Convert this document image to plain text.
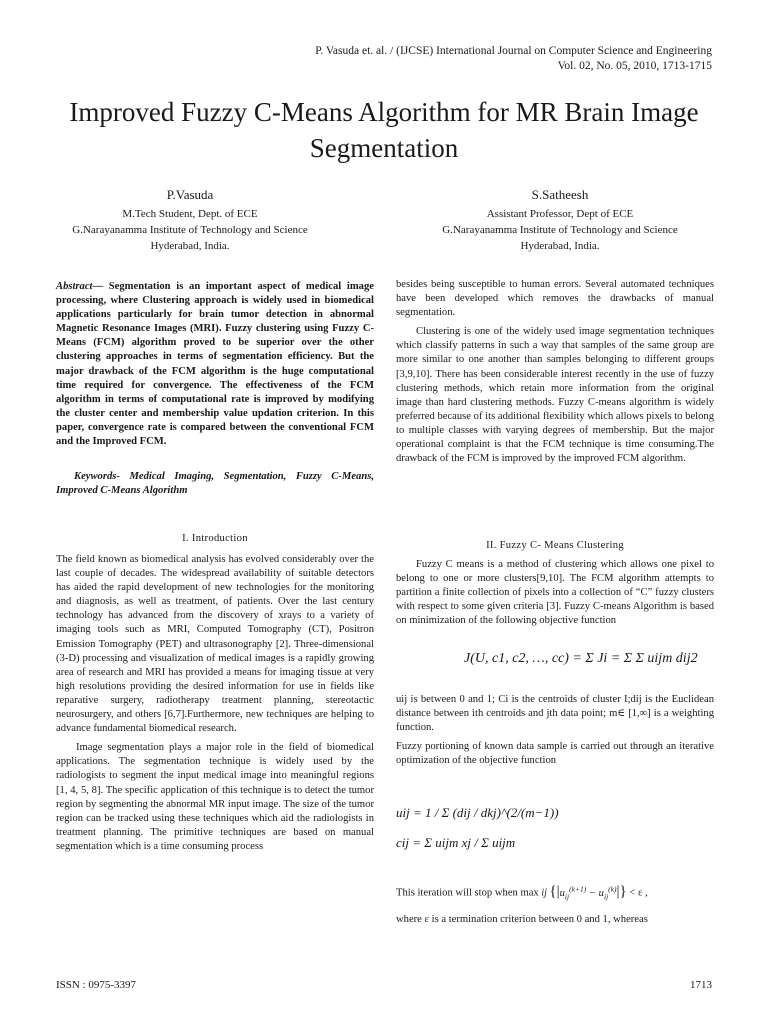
P. Vasuda et. al. / (IJCSE) International Journal on Computer Science and Engineering
Vol. 02, No. 05, 2010, 1713-1715
Improved Fuzzy C-Means Algorithm for MR Brain Image Segmentation
P.Vasuda
M.Tech Student, Dept. of ECE
G.Narayanamma Institute of Technology and Science
Hyderabad, India.
S.Satheesh
Assistant Professor, Dept of ECE
G.Narayanamma Institute of Technology and Science
Hyderabad, India.
Abstract— Segmentation is an important aspect of medical image processing, where Clustering approach is widely used in biomedical applications particularly for brain tumor detection in abnormal Magnetic Resonance Images (MRI). Fuzzy clustering using Fuzzy C- Means (FCM) algorithm proved to be superior over the other clustering approaches in terms of segmentation efficiency. But the major drawback of the FCM algorithm is the huge computational time required for convergence. The effectiveness of the FCM algorithm in terms of computational rate is improved by modifying the cluster center and membership value updation criterion. In this paper, convergence rate is compared between the conventional FCM and the Improved FCM.
Keywords- Medical Imaging, Segmentation, Fuzzy C-Means, Improved C-Means Algorithm
I. Introduction

The field known as biomedical analysis has evolved considerably over the last couple of decades. The widespread availability of suitable detectors has aided the rapid development of new technologies for the monitoring and diagnosis, as well as treatment, of patients. Over the last century technology has advanced from the discovery of xrays to a variety of imaging tools such as MRI, Computed Tomography (CT), Positron Emission Tomography (PET) and ultrasonography [2]. Three-dimensional (3-D) processing and visualization of medical images is a rapidly growing area of research and MRI has provided a means for imaging tissue at very high resolutions providing the desired information for use in fields like reparative surgery, radiotherapy treatment planning, stereotactic neurosurgery, and others [6,7].Furthermore, new techniques are helping to advance fundamental biomedical research.

Image segmentation plays a major role in the field of biomedical applications. The segmentation technique is widely used by the radiologists to segment the input medical image into meaningful regions [1, 4, 5, 8]. The specific application of this technique is to detect the tumor region by segmenting the abnormal MR input image. The size of the tumor region can be tracked using these techniques which aid the radiologists in treatment planning. The primitive techniques are based on manual segmentation which is a time consuming process

besides being susceptible to human errors. Several automated techniques have been developed which removes the drawbacks of manual segmentation.

Clustering is one of the widely used image segmentation techniques which classify patterns in such a way that samples of the same group are more similar to one another than samples belonging to different groups [3,9,10]. There has been considerable interest recently in the use of fuzzy clustering methods, which retain more information from the original image than hard clustering methods. Fuzzy C-means algorithm is widely preferred because of its additional flexibility which allows pixels to belong to multiple classes with varying degrees of membership. But the major operational complaint is that the FCM technique is time consuming.The drawback of the FCM is improved by the improved FCM algorithm.

II. Fuzzy C- Means Clustering

Fuzzy C means is a method of clustering which allows one pixel to belong to one or more clusters[9,10]. The FCM algorithm attempts to partition a finite collection of pixels into a collection of “C” fuzzy clusters with respect to some given criteria [3]. Fuzzy C-means Algorithm is based on minimization of the following objective function

J(U, c1, c2, …, cc) = Σ Ji = Σ Σ uijm dij2

uij is between 0 and 1; Ci is the centroids of cluster I;dij is the Euclidean distance between ith centroids and jth data point; m∈ [1,∞] is a weighting function.

Fuzzy portioning of known data sample is carried out through an iterative optimization of the objective function

uij = 1 / Σ (dij / dkj)^(2/(m−1))
cij = Σ uijm xj / Σ uijm
This iteration will stop when max ij $\{|u_{ij}^{(k+1)} - u_{ij}^{(k)}|\} < \varepsilon$ ,
where ε is a termination criterion between 0 and 1, whereas
ISSN : 0975-3397	1713
